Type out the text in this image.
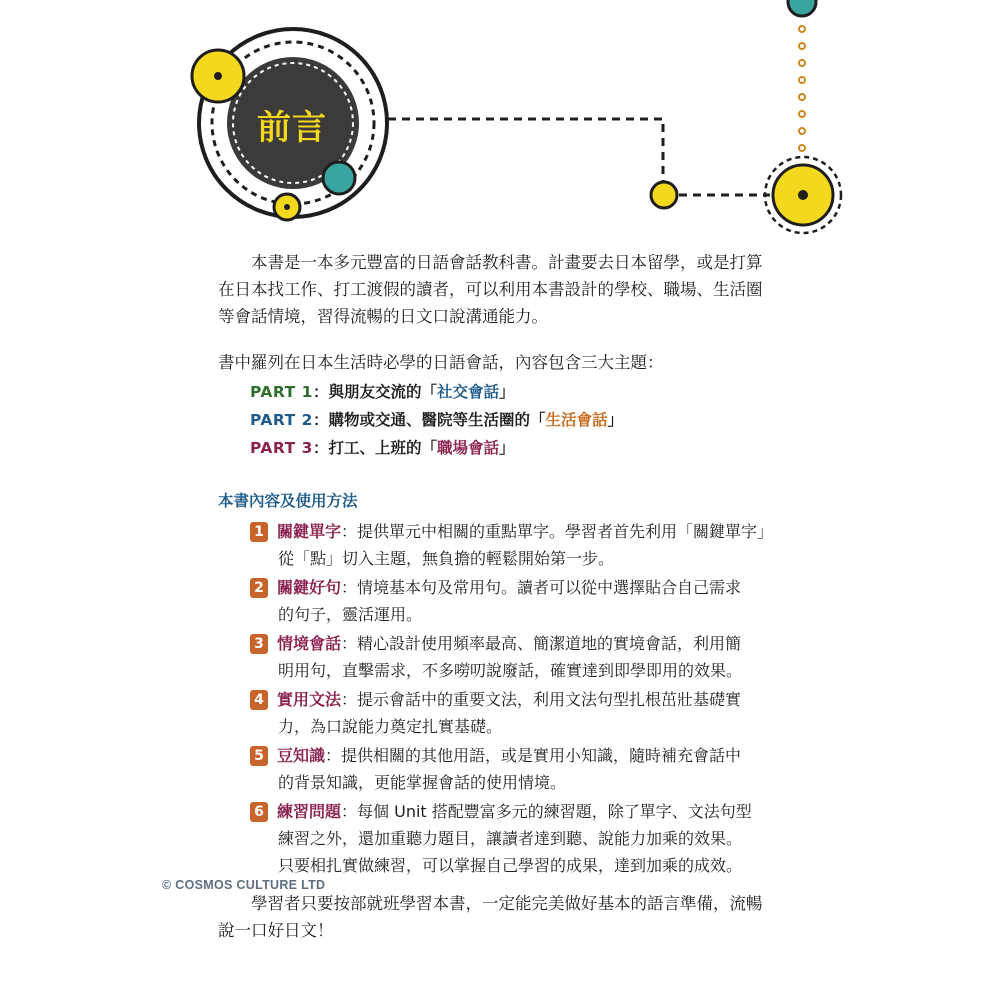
前言
　　本書是一本多元豐富的日語會話教科書。計畫要去日本留學，或是打算
在日本找工作、打工渡假的讀者，可以利用本書設計的學校、職場、生活圈
等會話情境，習得流暢的日文口說溝通能力。
書中羅列在日本生活時必學的日語會話，內容包含三大主題：
PART 1：與朋友交流的「社交會話」
PART 2：購物或交通、醫院等生活圈的「生活會話」
PART 3：打工、上班的「職場會話」
本書內容及使用方法
1 關鍵單字：提供單元中相關的重點單字。學習者首先利用「關鍵單字」
從「點」切入主題，無負擔的輕鬆開始第一步。
2 關鍵好句：情境基本句及常用句。讀者可以從中選擇貼合自己需求
的句子，靈活運用。
3 情境會話：精心設計使用頻率最高、簡潔道地的實境會話，利用簡
明用句，直擊需求，不多嘮叨說廢話，確實達到即學即用的效果。
4 實用文法：提示會話中的重要文法，利用文法句型扎根茁壯基礎實
力，為口說能力奠定扎實基礎。
5 豆知識：提供相關的其他用語，或是實用小知識，隨時補充會話中
的背景知識，更能掌握會話的使用情境。
6 練習問題：每個 Unit 搭配豐富多元的練習題，除了單字、文法句型
練習之外，還加重聽力題目，讓讀者達到聽、說能力加乘的效果。
只要相扎實做練習，可以掌握自己學習的成果，達到加乘的成效。
© COSMOS CULTURE LTD
　　學習者只要按部就班學習本書，一定能完美做好基本的語言準備，流暢
說一口好日文！
